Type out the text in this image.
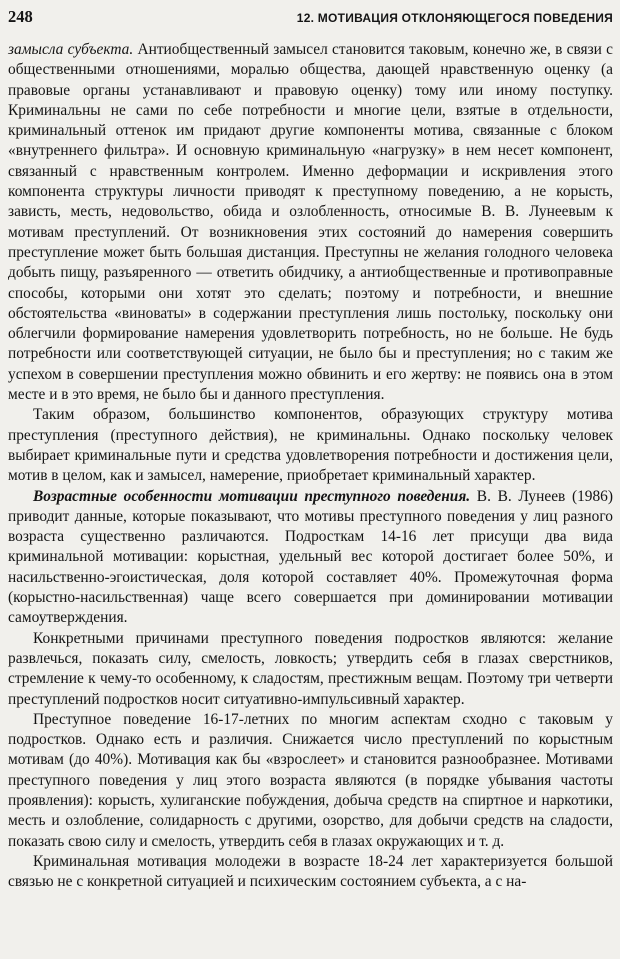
248	12. МОТИВАЦИЯ ОТКЛОНЯЮЩЕГОСЯ ПОВЕДЕНИЯ

замысла субъекта. Антиобщественный замысел становится таковым, конечно же, в связи с общественными отношениями, моралью общества, дающей нравственную оценку (а правовые органы устанавливают и правовую оценку) тому или иному поступку. Криминальны не сами по себе потребности и многие цели, взятые в отдельности, криминальный оттенок им придают другие компоненты мотива, связанные с блоком «внутреннего фильтра». И основную криминальную «нагрузку» в нем несет компонент, связанный с нравственным контролем. Именно деформации и искривления этого компонента структуры личности приводят к преступному поведению, а не корысть, зависть, месть, недовольство, обида и озлобленность, относимые В. В. Лунеевым к мотивам преступлений. От возникновения этих состояний до намерения совершить преступление может быть большая дистанция. Преступны не желания голодного человека добыть пищу, разъяренного — ответить обидчику, а антиобщественные и противоправные способы, которыми они хотят это сделать; поэтому и потребности, и внешние обстоятельства «виноваты» в содержании преступления лишь постольку, поскольку они облегчили формирование намерения удовлетворить потребность, но не больше. Не будь потребности или соответствующей ситуации, не было бы и преступления; но с таким же успехом в совершении преступления можно обвинить и его жертву: не появись она в этом месте и в это время, не было бы и данного преступления.

Таким образом, большинство компонентов, образующих структуру мотива преступления (преступного действия), не криминальны. Однако поскольку человек выбирает криминальные пути и средства удовлетворения потребности и достижения цели, мотив в целом, как и замысел, намерение, приобретает криминальный характер.

Возрастные особенности мотивации преступного поведения. В. В. Лунеев (1986) приводит данные, которые показывают, что мотивы преступного поведения у лиц разного возраста существенно различаются. Подросткам 14-16 лет присущи два вида криминальной мотивации: корыстная, удельный вес которой достигает более 50%, и насильственно-эгоистическая, доля которой составляет 40%. Промежуточная форма (корыстно-насильственная) чаще всего совершается при доминировании мотивации самоутверждения.

Конкретными причинами преступного поведения подростков являются: желание развлечься, показать силу, смелость, ловкость; утвердить себя в глазах сверстников, стремление к чему-то особенному, к сладостям, престижным вещам. Поэтому три четверти преступлений подростков носит ситуативно-импульсивный характер.

Преступное поведение 16-17-летних по многим аспектам сходно с таковым у подростков. Однако есть и различия. Снижается число преступлений по корыстным мотивам (до 40%). Мотивация как бы «взрослеет» и становится разнообразнее. Мотивами преступного поведения у лиц этого возраста являются (в порядке убывания частоты проявления): корысть, хулиганские побуждения, добыча средств на спиртное и наркотики, месть и озлобление, солидарность с другими, озорство, для добычи средств на сладости, показать свою силу и смелость, утвердить себя в глазах окружающих и т. д.

Криминальная мотивация молодежи в возрасте 18-24 лет характеризуется большой связью не с конкретной ситуацией и психическим состоянием субъекта, а с на-
